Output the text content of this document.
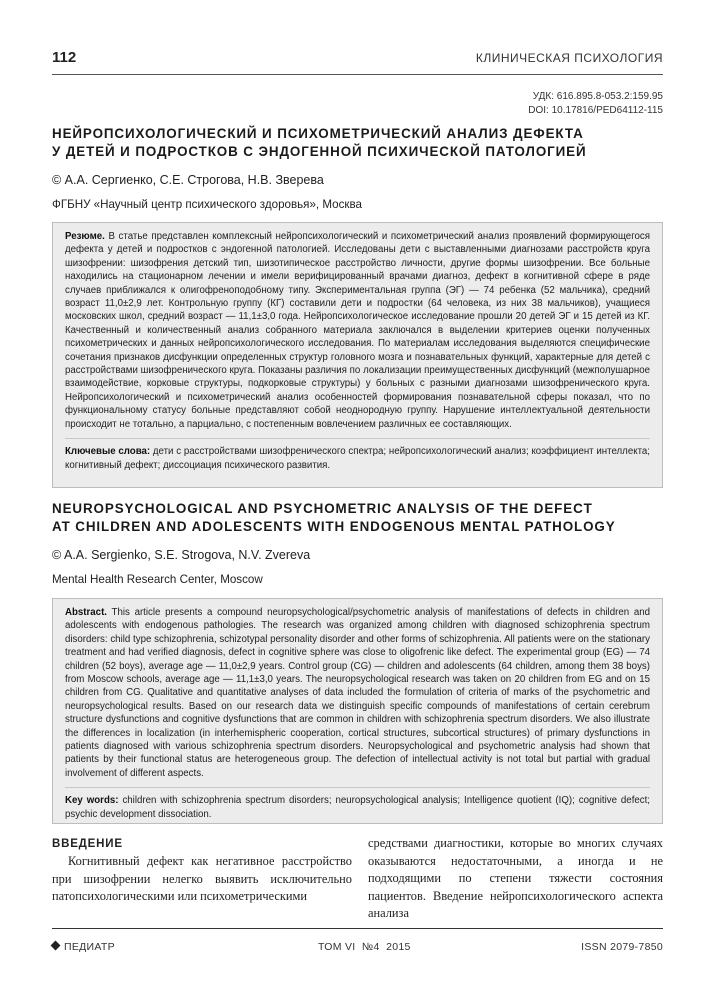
112	КЛИНИЧЕСКАЯ ПСИХОЛОГИЯ
УДК: 616.895.8-053.2:159.95
DOI: 10.17816/PED64112-115
НЕЙРОПСИХОЛОГИЧЕСКИЙ И ПСИХОМЕТРИЧЕСКИЙ АНАЛИЗ ДЕФЕКТА
У ДЕТЕЙ И ПОДРОСТКОВ С ЭНДОГЕННОЙ ПСИХИЧЕСКОЙ ПАТОЛОГИЕЙ
© А.А. Сергиенко, С.Е. Строгова, Н.В. Зверева
ФГБНУ «Научный центр психического здоровья», Москва

Резюме. В статье представлен комплексный нейропсихологический и психометрический анализ проявлений формирующегося дефекта у детей и подростков с эндогенной патологией. Исследованы дети с выставленными диагнозами расстройств круга шизофрении: шизофрения детский тип, шизотипическое расстройство личности, другие формы шизофрении. Все больные находились на стационарном лечении и имели верифицированный врачами диагноз, дефект в когнитивной сфере в ряде случаев приближался к олигофреноподобному типу. Экспериментальная группа (ЭГ) — 74 ребенка (52 мальчика), средний возраст 11,0±2,9 лет. Контрольную группу (КГ) составили дети и подростки (64 человека, из них 38 мальчиков), учащиеся московских школ, средний возраст — 11,1±3,0 года. Нейропсихологическое исследование прошли 20 детей ЭГ и 15 детей из КГ. Качественный и количественный анализ собранного материала заключался в выделении критериев оценки полученных психометрических и данных нейропсихологического исследования. По материалам исследования выделяются специфические сочетания признаков дисфункции определенных структур головного мозга и познавательных функций, характерные для детей с расстройствами шизофренического круга. Показаны различия по локализации преимущественных дисфункций (межполушарное взаимодействие, корковые структуры, подкорковые структуры) у больных с разными диагнозами шизофренического круга. Нейропсихологический и психометрический анализ особенностей формирования познавательной сферы показал, что по функциональному статусу больные представляют собой неоднородную группу. Нарушение интеллектуальной деятельности происходит не тотально, а парциально, с постепенным вовлечением различных ее составляющих.

Ключевые слова: дети с расстройствами шизофренического спектра; нейропсихологический анализ; коэффициент интеллекта; когнитивный дефект; диссоциация психического развития.

NEUROPSYCHOLOGICAL AND PSYCHOMETRIC ANALYSIS OF THE DEFECT
AT CHILDREN AND ADOLESCENTS WITH ENDOGENOUS MENTAL PATHOLOGY
© A.A. Sergienko, S.E. Strogova, N.V. Zvereva
Mental Health Research Center, Moscow

Abstract. This article presents a compound neuropsychological/psychometric analysis of manifestations of defects in children and adolescents with endogenous pathologies. The research was organized among children with diagnosed schizophrenia spectrum disorders: child type schizophrenia, schizotypal personality disorder and other forms of schizophrenia. All patients were on the stationary treatment and had verified diagnosis, defect in cognitive sphere was close to oligofrenic like defect. The experimental group (EG) — 74 children (52 boys), average age — 11,0±2,9 years. Control group (CG) — children and adolescents (64 children, among them 38 boys) from Moscow schools, average age — 11,1±3,0 years. The neuropsychological research was taken on 20 children from EG and on 15 children from CG. Qualitative and quantitative analyses of data included the formulation of criteria of marks of the psychometric and neuropsychological results. Based on our research data we distinguish specific compounds of manifestations of certain cerebrum structure dysfunctions and cognitive dysfunctions that are common in children with schizophrenia spectrum disorders. We also illustrate the differences in localization (in interhemispheric cooperation, cortical structures, subcortical structures) of primary dysfunctions in patients diagnosed with various schizophrenia spectrum disorders. Neuropsychological and psychometric analysis had shown that patients by their functional status are heterogeneous group. The defection of intellectual activity is not total but partial with gradual involvement of different aspects.

Key words: children with schizophrenia spectrum disorders; neuropsychological analysis; Intelligence quotient (IQ); cognitive defect; psychic development dissociation.

ВВЕДЕНИЕ
Когнитивный дефект как негативное расстройство при шизофрении нелегко выявить исключительно патопсихологическими или психометрическими
средствами диагностики, которые во многих случаях оказываются недостаточными, а иногда и не подходящими по степени тяжести состояния пациентов. Введение нейропсихологического аспекта анализа
ПЕДИАТР	ТОМ VI  №4  2015	ISSN 2079-7850
